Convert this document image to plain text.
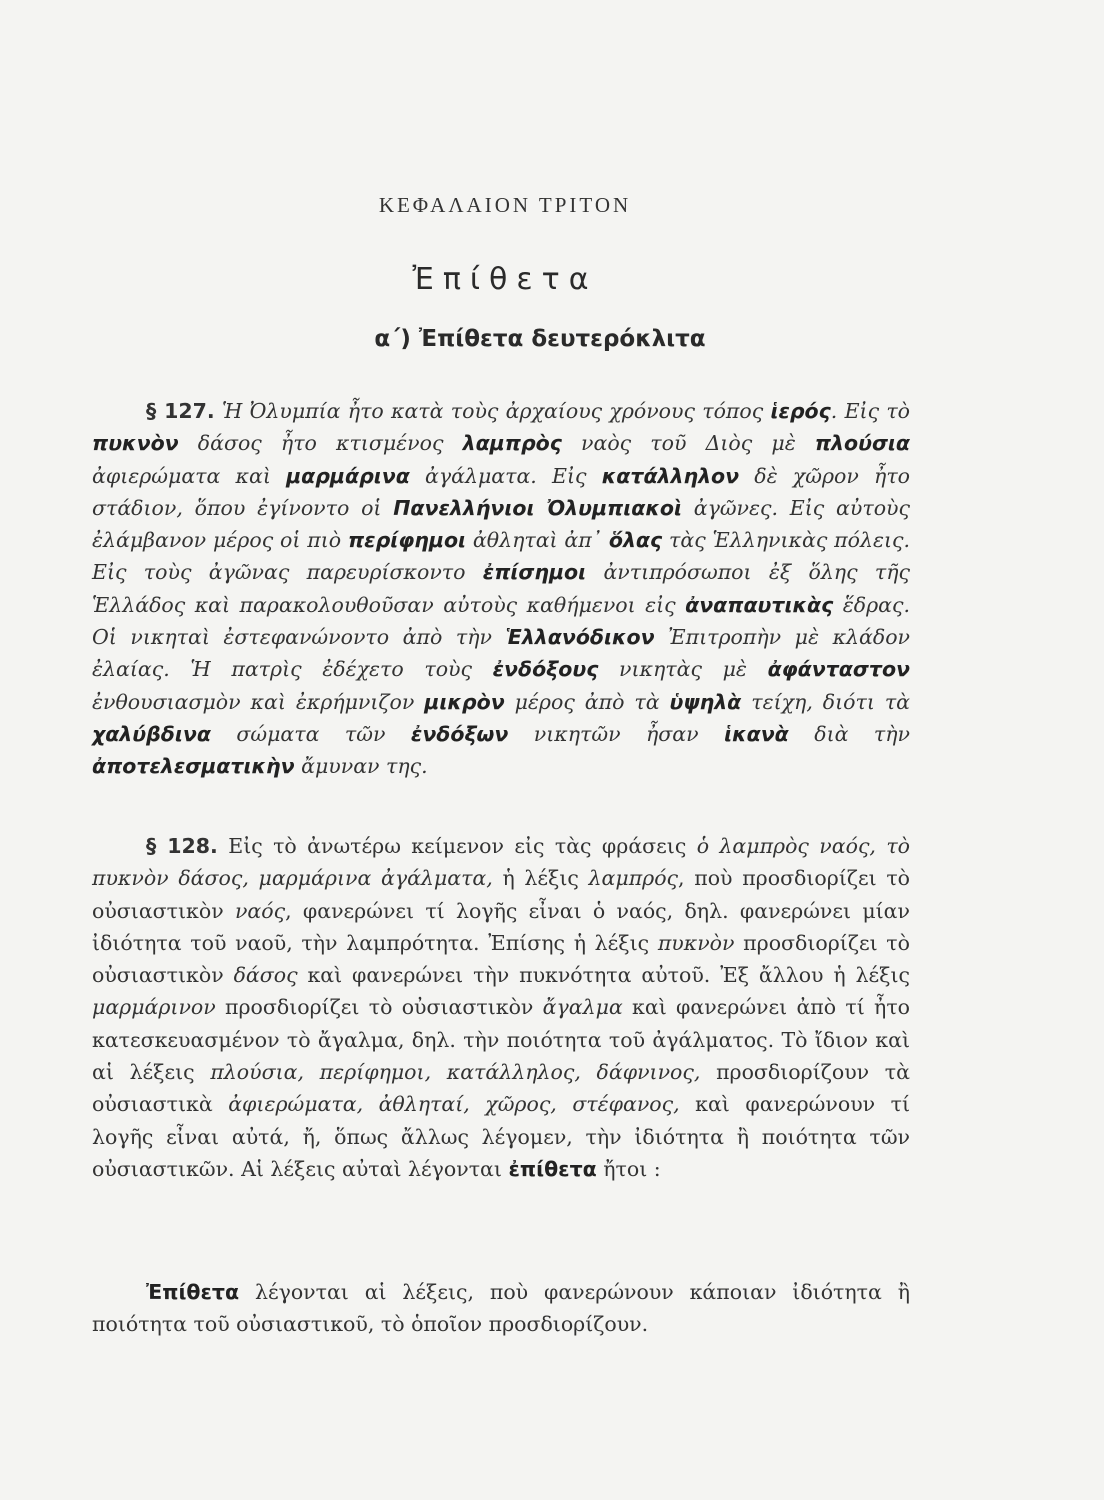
ΚΕΦΑΛΑΙΟΝ ΤΡΙΤΟΝ
Ἐπίθετα
α΄) Ἐπίθετα δευτερόκλιτα
§ 127. Ἡ Ὀλυμπία ἦτο κατὰ τοὺς ἀρχαίους χρόνους τόπος ἱερός. Εἰς τὸ πυκνὸν δάσος ἦτο κτισμένος λαμπρὸς ναὸς τοῦ Διὸς μὲ πλούσια ἀφιερώματα καὶ μαρμάρινα ἀγάλματα. Εἰς κατάλληλον δὲ χῶρον ἦτο στάδιον, ὅπου ἐγίνοντο οἱ Πανελλήνιοι Ὀλυμπιακοὶ ἀγῶνες. Εἰς αὐτοὺς ἐλάμβανον μέρος οἱ πιὸ περίφημοι ἀθληταὶ ἀπ᾿ ὅλας τὰς Ἑλληνικὰς πόλεις. Εἰς τοὺς ἀγῶνας παρευρίσκοντο ἐπίσημοι ἀντιπρόσωποι ἐξ ὅλης τῆς Ἑλλάδος καὶ παρακολουθοῦσαν αὐτοὺς καθήμενοι εἰς ἀναπαυτικὰς ἕδρας. Οἱ νικηταὶ ἐστεφανώνοντο ἀπὸ τὴν Ἑλλανόδικον Ἐπιτροπὴν μὲ κλάδον ἐλαίας. Ἡ πατρὶς ἐδέχετο τοὺς ἐνδόξους νικητὰς μὲ ἀφάνταστον ἐνθουσιασμὸν καὶ ἐκρήμνιζον μικρὸν μέρος ἀπὸ τὰ ὑψηλὰ τείχη, διότι τὰ χαλύβδινα σώματα τῶν ἐνδόξων νικητῶν ἦσαν ἱκανὰ διὰ τὴν ἀποτελεσματικὴν ἄμυναν της.
§ 128. Εἰς τὸ ἀνωτέρω κείμενον εἰς τὰς φράσεις ὁ λαμπρὸς ναός, τὸ πυκνὸν δάσος, μαρμάρινα ἀγάλματα, ἡ λέξις λαμπρός, ποὺ προσδιορίζει τὸ οὐσιαστικὸν ναός, φανερώνει τί λογῆς εἶναι ὁ ναός, δηλ. φανερώνει μίαν ἰδιότητα τοῦ ναοῦ, τὴν λαμπρότητα. Ἐπίσης ἡ λέξις πυκνὸν προσδιορίζει τὸ οὐσιαστικὸν δάσος καὶ φανερώνει τὴν πυκνότητα αὐτοῦ. Ἐξ ἄλλου ἡ λέξις μαρμάρινον προσδιορίζει τὸ οὐσιαστικὸν ἄγαλμα καὶ φανερώνει ἀπὸ τί ἦτο κατεσκευασμένον τὸ ἄγαλμα, δηλ. τὴν ποιότητα τοῦ ἀγάλματος. Τὸ ἴδιον καὶ αἱ λέξεις πλούσια, περίφημοι, κατάλληλος, δάφνινος, προσδιορίζουν τὰ οὐσιαστικὰ ἀφιερώματα, ἀθληταί, χῶρος, στέφανος, καὶ φανερώνουν τί λογῆς εἶναι αὐτά, ἤ, ὅπως ἄλλως λέγομεν, τὴν ἰδιότητα ἢ ποιότητα τῶν οὐσιαστικῶν. Αἱ λέξεις αὐταὶ λέγονται ἐπίθετα ἤτοι :
Ἐπίθετα λέγονται αἱ λέξεις, ποὺ φανερώνουν κάποιαν ἰδιότητα ἢ ποιότητα τοῦ οὐσιαστικοῦ, τὸ ὁποῖον προσδιορίζουν.
